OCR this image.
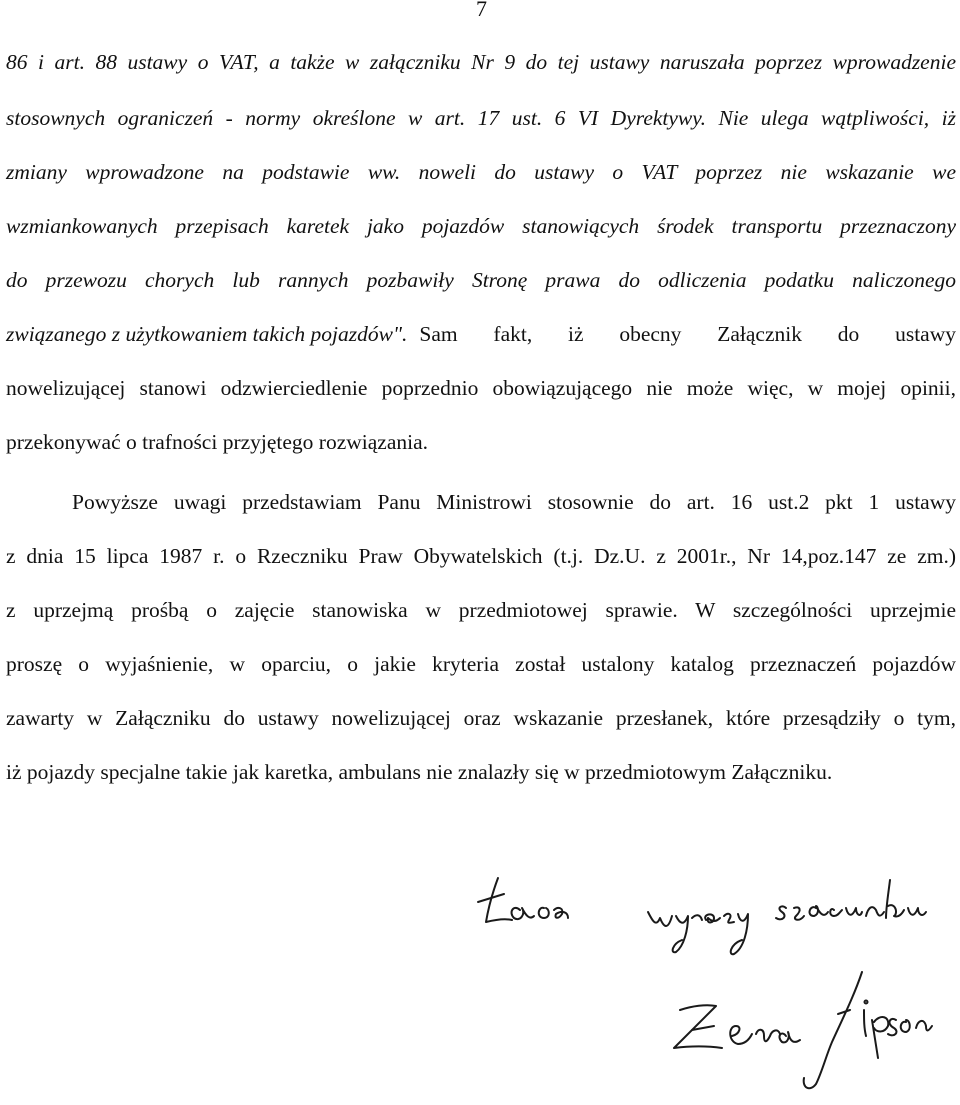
7
86 i art. 88 ustawy o VAT, a także w załączniku Nr 9 do tej ustawy naruszała poprzez wprowadzenie
stosownych ograniczeń - normy określone w art. 17 ust. 6 VI Dyrektywy. Nie ulega wątpliwości, iż
zmiany wprowadzone na podstawie ww. noweli do ustawy o VAT poprzez nie wskazanie we
wzmiankowanych przepisach karetek jako pojazdów stanowiących środek transportu przeznaczony
do przewozu chorych lub rannych pozbawiły Stronę prawa do odliczenia podatku naliczonego
związanego z użytkowaniem takich pojazdów". Sam fakt, iż obecny Załącznik do ustawy
nowelizującej stanowi odzwierciedlenie poprzednio obowiązującego nie może więc, w mojej opinii,
przekonywać o trafności przyjętego rozwiązania.
Powyższe uwagi przedstawiam Panu Ministrowi stosownie do art. 16 ust.2 pkt 1 ustawy
z dnia 15 lipca 1987 r. o Rzeczniku Praw Obywatelskich (t.j. Dz.U. z 2001r., Nr 14,poz.147 ze zm.)
z uprzejmą prośbą o zajęcie stanowiska w przedmiotowej sprawie. W szczególności uprzejmie
proszę o wyjaśnienie, w oparciu, o jakie kryteria został ustalony katalog przeznaczeń pojazdów
zawarty w Załączniku do ustawy nowelizującej oraz wskazanie przesłanek, które przesądziły o tym,
iż pojazdy specjalne takie jak karetka, ambulans nie znalazły się w przedmiotowym Załączniku.
